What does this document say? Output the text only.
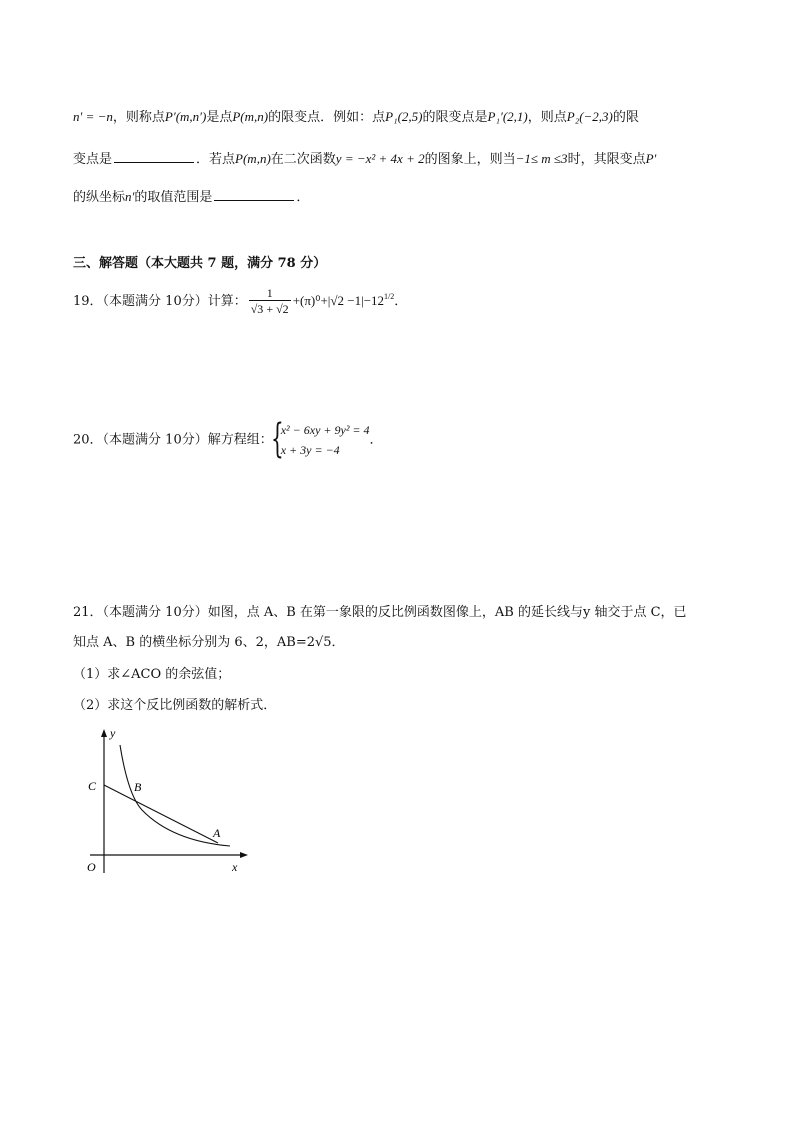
n′ = −n，则称点P′(m,n′)是点P(m,n)的限变点．例如：点P₁(2,5)的限变点是P₁′(2,1)，则点P₂(−2,3)的限
变点是	．若点P(m,n)在二次函数y = −x² + 4x + 2的图象上，则当−1≤ m ≤3时，其限变点P′
的纵坐标n′的取值范围是	．
三、解答题（本大题共 7 题，满分 78 分）
19．（本题满分 10分）计算： $\frac{1}{√3 + √2} +(\pi)^0+|√2 -1|-12^{1/2}$．
20．（本题满分 10分）解方程组：
{
x² − 6xy + 9y² = 4
x + 3y = −4
．
21．（本题满分 10分）如图，点 A、B 在第一象限的反比例函数图像上，AB 的延长线与y 轴交于点 C，已
知点 A、B 的横坐标分别为 6、2，AB=2√5．
（1）求∠ACO 的余弦值；
（2）求这个反比例函数的解析式．
y
x
O
C	B
A
